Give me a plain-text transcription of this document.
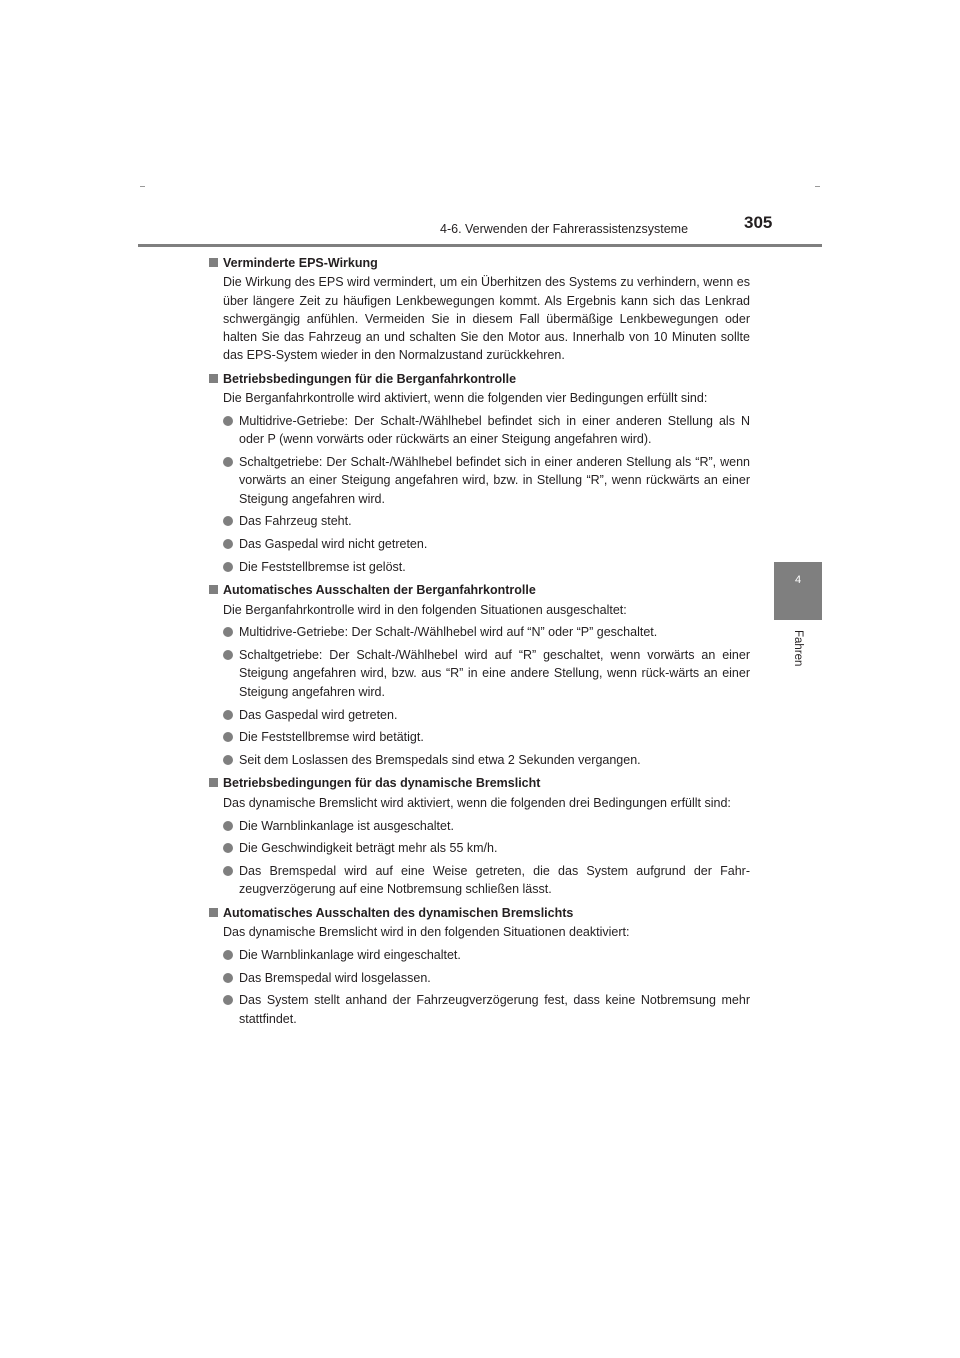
4-6. Verwenden der Fahrerassistenzsysteme	305
4
Fahren
Verminderte EPS-Wirkung
Die Wirkung des EPS wird vermindert, um ein Überhitzen des Systems zu verhindern, wenn es über längere Zeit zu häufigen Lenkbewegungen kommt. Als Ergebnis kann sich das Lenkrad schwergängig anfühlen. Vermeiden Sie in diesem Fall übermäßige Lenkbewegungen oder halten Sie das Fahrzeug an und schalten Sie den Motor aus. Innerhalb von 10 Minuten sollte das EPS-System wieder in den Normalzustand zurückkehren.
Betriebsbedingungen für die Berganfahrkontrolle
Die Berganfahrkontrolle wird aktiviert, wenn die folgenden vier Bedingungen erfüllt sind:
Multidrive-Getriebe: Der Schalt-/Wählhebel befindet sich in einer anderen Stellung als N oder P (wenn vorwärts oder rückwärts an einer Steigung angefahren wird).
Schaltgetriebe: Der Schalt-/Wählhebel befindet sich in einer anderen Stellung als “R”, wenn vorwärts an einer Steigung angefahren wird, bzw. in Stellung “R”, wenn rückwärts an einer Steigung angefahren wird.
Das Fahrzeug steht.
Das Gaspedal wird nicht getreten.
Die Feststellbremse ist gelöst.
Automatisches Ausschalten der Berganfahrkontrolle
Die Berganfahrkontrolle wird in den folgenden Situationen ausgeschaltet:
Multidrive-Getriebe: Der Schalt-/Wählhebel wird auf “N” oder “P” geschaltet.
Schaltgetriebe: Der Schalt-/Wählhebel wird auf “R” geschaltet, wenn vorwärts an einer Steigung angefahren wird, bzw. aus “R” in eine andere Stellung, wenn rück-wärts an einer Steigung angefahren wird.
Das Gaspedal wird getreten.
Die Feststellbremse wird betätigt.
Seit dem Loslassen des Bremspedals sind etwa 2 Sekunden vergangen.
Betriebsbedingungen für das dynamische Bremslicht
Das dynamische Bremslicht wird aktiviert, wenn die folgenden drei Bedingungen erfüllt sind:
Die Warnblinkanlage ist ausgeschaltet.
Die Geschwindigkeit beträgt mehr als 55 km/h.
Das Bremspedal wird auf eine Weise getreten, die das System aufgrund der Fahr-zeugverzögerung auf eine Notbremsung schließen lässt.
Automatisches Ausschalten des dynamischen Bremslichts
Das dynamische Bremslicht wird in den folgenden Situationen deaktiviert:
Die Warnblinkanlage wird eingeschaltet.
Das Bremspedal wird losgelassen.
Das System stellt anhand der Fahrzeugverzögerung fest, dass keine Notbremsung mehr stattfindet.
